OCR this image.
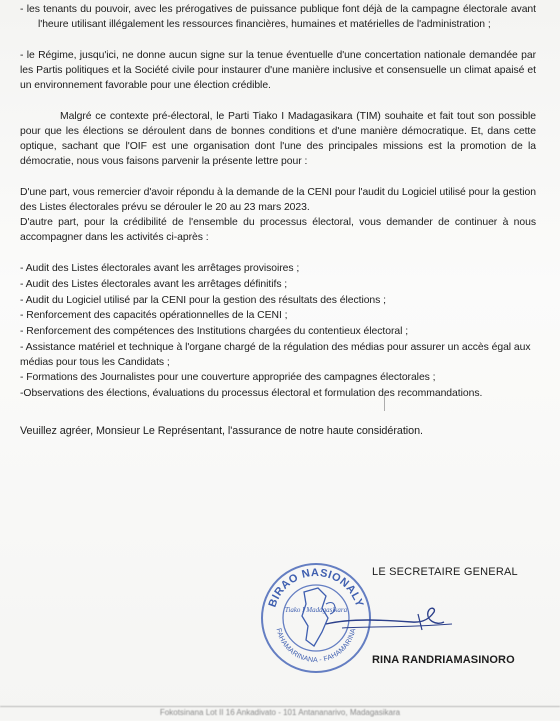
- les tenants du pouvoir, avec les prérogatives de puissance publique font déjà de la campagne électorale avant l'heure utilisant illégalement les ressources financières, humaines et matérielles de l'administration ;

- le Régime, jusqu'ici, ne donne aucun signe sur la tenue éventuelle d'une concertation nationale demandée par les Partis politiques et la Société civile pour instaurer d'une manière inclusive et consensuelle un climat apaisé et un environnement favorable pour une élection crédible.

Malgré ce contexte pré-électoral, le Parti Tiako I Madagasikara (TIM) souhaite et fait tout son possible pour que les élections se déroulent dans de bonnes conditions et d'une manière démocratique. Et, dans cette optique, sachant que l'OIF est une organisation dont l'une des principales missions est la promotion de la démocratie, nous vous faisons parvenir la présente lettre pour :

D'une part, vous remercier d'avoir répondu à la demande de la CENI pour l'audit du Logiciel utilisé pour la gestion des Listes électorales prévu se dérouler le 20 au 23 mars 2023.

D'autre part, pour la crédibilité de l'ensemble du processus électoral, vous demander de continuer à nous accompagner dans les activités ci-après :

- Audit des Listes électorales avant les arrêtages provisoires ;

- Audit des Listes électorales avant les arrêtages définitifs ;

- Audit du Logiciel utilisé par la CENI pour la gestion des résultats des élections ;

- Renforcement des capacités opérationnelles de la CENI ;

- Renforcement des compétences des Institutions chargées du contentieux électoral ;

- Assistance matériel et technique à l'organe chargé de la régulation des médias pour assurer un accès égal aux médias pour tous les Candidats ;

- Formations des Journalistes pour une couverture appropriée des campagnes électorales ;

-Observations des élections, évaluations du processus électoral et formulation des recommandations.

Veuillez agréer, Monsieur Le Représentant, l'assurance de notre haute considération.

BIRAO NASIONALY
FAHAMARINANA - FAHAMARINA
Tiako I Madagasikara
LE SECRETAIRE GENERAL
RINA RANDRIAMASINORO
Fokotsinana Lot II 16 Ankadivato - 101 Antananarivo, Madagasikara
